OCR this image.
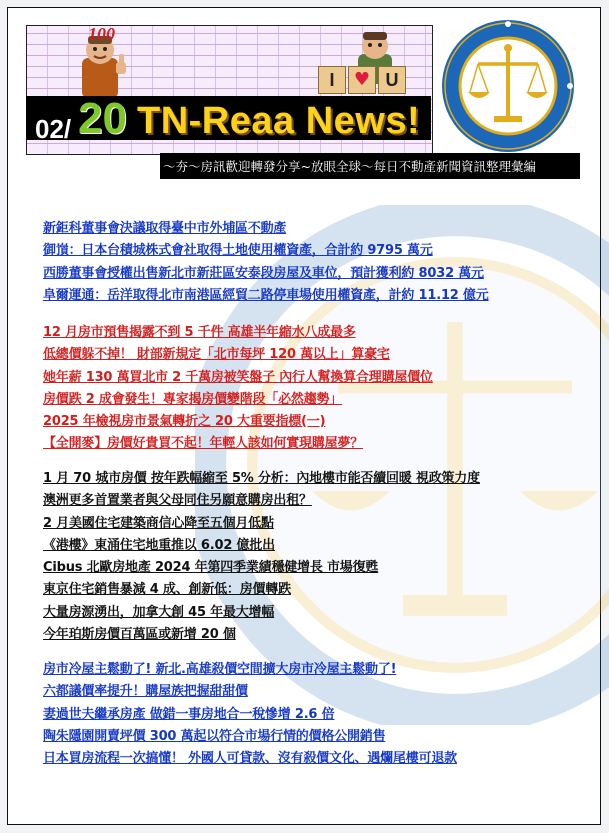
100
I	♥ U
02/ 20 TN-Reaa News!
～夯～房訊歡迎轉發分享~放眼全球～每日不動產新聞資訊整理彙編
新鉅科董事會決議取得臺中市外埔區不動產
御嵿：日本台積城株式會社取得土地使用權資產，合計約 9795 萬元
西勝董事會授權出售新北市新莊區安泰段房屋及車位，預計獲利約 8032 萬元
阜爾運通：岳洋取得北市南港區經貿二路停車場使用權資產，計約 11.12 億元
12 月房市預售揭露不到 5 千件 高雄半年縮水八成最多
低總價躲不掉！ 財部新規定「北市每坪 120 萬以上」算豪宅
她年薪 130 萬買北市 2 千萬房被笑盤子 內行人幫換算合理購屋價位
房價跌 2 成會發生！專家揭房價變階段「必然趨勢」
2025 年檢視房市景氣轉折之 20 大重要指標(一)
【全開麥】房價好貴買不起！年輕人該如何實現購屋夢？
1 月 70 城市房價 按年跌幅縮至 5% 分析：內地樓市能否續回暖 視政策力度
澳洲更多首置業者與父母同住另願意購房出租？
2 月美國住宅建築商信心降至五個月低點
《港樓》東涌住宅地重推以 6.02 億批出
Cibus 北歐房地產 2024 年第四季業績穩健增長 市場復甦
東京住宅銷售暴減 4 成、創新低：房價轉跌
大量房源湧出，加拿大創 45 年最大增幅
今年珀斯房價百萬區或新增 20 個
房市冷屋主鬆動了! 新北.高雄殺價空間擴大房市冷屋主鬆動了!
六都議價率提升！購屋族把握甜甜價
妻過世夫繼承房產 做錯一事房地合一稅慘增 2.6 倍
陶朱隱園開賣坪價 300 萬起以符合市場行情的價格公開銷售
日本買房流程一次搞懂！ 外國人可貸款、沒有殺價文化、遇爛尾樓可退款
